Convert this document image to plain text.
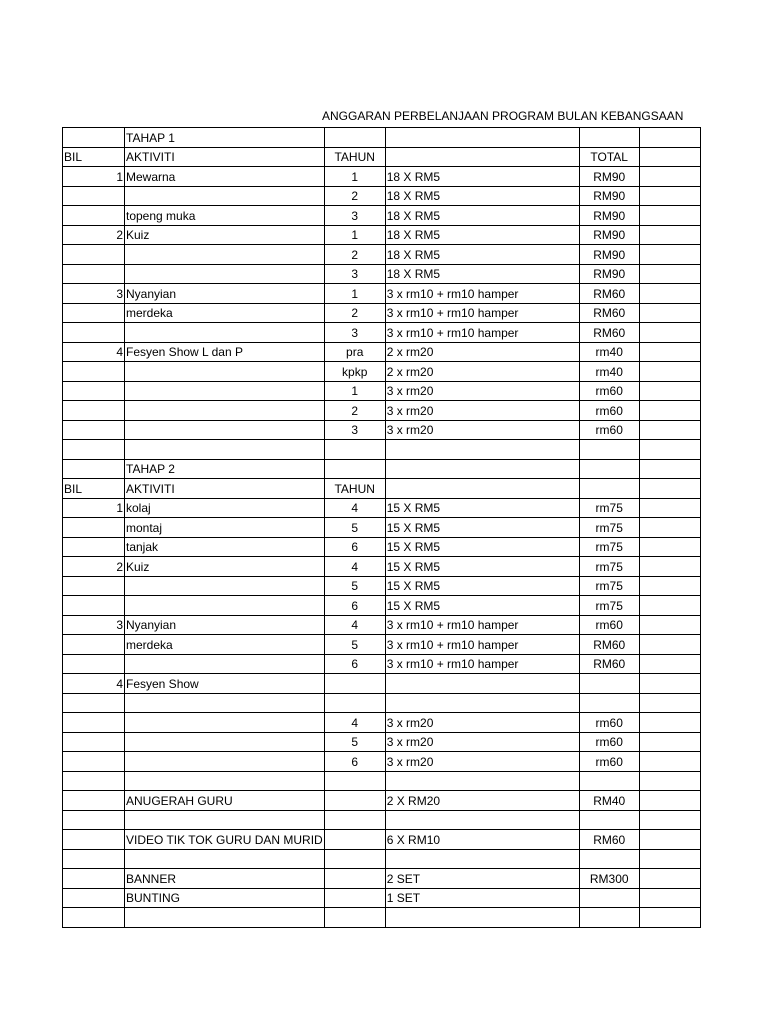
ANGGARAN PERBELANJAAN PROGRAM BULAN KEBANGSAAN
	TAHAP 1				
BIL	AKTIVITI	TAHUN		TOTAL	
1	Mewarna	1	18 X RM5	RM90	
		2	18 X RM5	RM90	
	topeng muka	3	18 X RM5	RM90	
2	Kuiz	1	18 X RM5	RM90	
		2	18 X RM5	RM90	
		3	18 X RM5	RM90	
3	Nyanyian	1	3 x rm10 + rm10 hamper	RM60	
	merdeka	2	3 x rm10 + rm10 hamper	RM60	
		3	3 x rm10 + rm10 hamper	RM60	
4	Fesyen Show L dan P	pra	2 x rm20	rm40	
		kpkp	2 x rm20	rm40	
		1	3 x rm20	rm60	
		2	3 x rm20	rm60	
		3	3 x rm20	rm60	

	TAHAP 2				
BIL	AKTIVITI	TAHUN			
1	kolaj	4	15 X RM5	rm75	
	montaj	5	15 X RM5	rm75	
	tanjak	6	15 X RM5	rm75	
2	Kuiz	4	15 X RM5	rm75	
		5	15 X RM5	rm75	
		6	15 X RM5	rm75	
3	Nyanyian	4	3 x rm10 + rm10 hamper	rm60	
	merdeka	5	3 x rm10 + rm10 hamper	RM60	
		6	3 x rm10 + rm10 hamper	RM60	
4	Fesyen Show				

		4	3 x rm20	rm60	
		5	3 x rm20	rm60	
		6	3 x rm20	rm60	

	ANUGERAH GURU		2 X RM20	RM40	

	VIDEO TIK TOK GURU DAN MURID		6 X RM10	RM60	

	BANNER		2 SET	RM300	
	BUNTING		1 SET		
